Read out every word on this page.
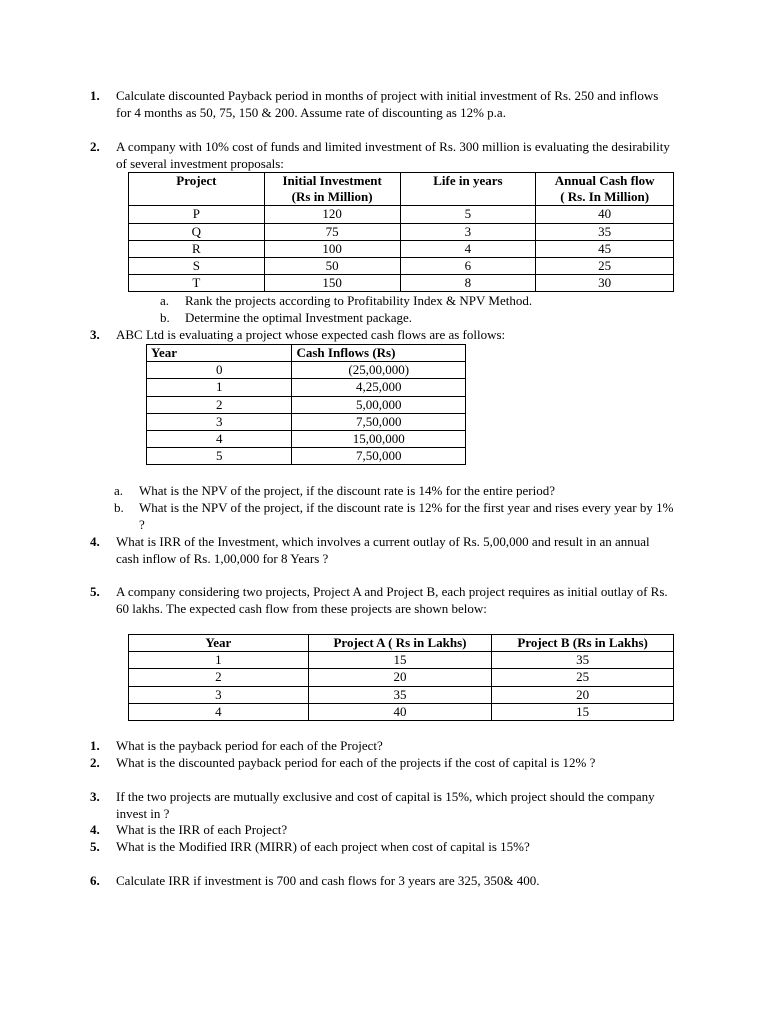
1. Calculate discounted Payback period in months of project with initial investment of Rs. 250 and inflows for 4 months as 50, 75, 150 & 200. Assume rate of discounting as 12% p.a.
2. A company with 10% cost of funds and limited investment of Rs. 300 million is evaluating the desirability of several investment proposals:
Project	Initial Investment	Life in years	Annual Cash flow
	(Rs in Million)		( Rs. In Million)
P	120	5	40
Q	75	3	35
R	100	4	45
S	50	6	25
T	150	8	30
a. Rank the projects according to Profitability Index & NPV Method.
b. Determine the optimal Investment package.
3. ABC Ltd is evaluating a project whose expected cash flows are as follows:
Year	Cash Inflows (Rs)
0	(25,00,000)
1	4,25,000
2	5,00,000
3	7,50,000
4	15,00,000
5	7,50,000
a. What is the NPV of the project, if the discount rate is 14% for the entire period?
b. What is the NPV of the project, if the discount rate is 12% for the first year and rises every year by 1% ?
4. What is IRR of the Investment, which involves a current outlay of Rs. 5,00,000 and result in an annual cash inflow of Rs. 1,00,000 for 8 Years ?
5. A company considering two projects, Project A and Project B, each project requires as initial outlay of Rs. 60 lakhs. The expected cash flow from these projects are shown below:
Year	Project A ( Rs in Lakhs)	Project B (Rs in Lakhs)
1	15	35
2	20	25
3	35	20
4	40	15
1. What is the payback period for each of the Project?
2. What is the discounted payback period for each of the projects if the cost of capital is 12% ?
3. If the two projects are mutually exclusive and cost of capital is 15%, which project should the company invest in ?
4. What is the IRR of each Project?
5. What is the Modified IRR (MIRR) of each project when cost of capital is 15%?
6. Calculate IRR if investment is 700 and cash flows for 3 years are 325, 350& 400.
